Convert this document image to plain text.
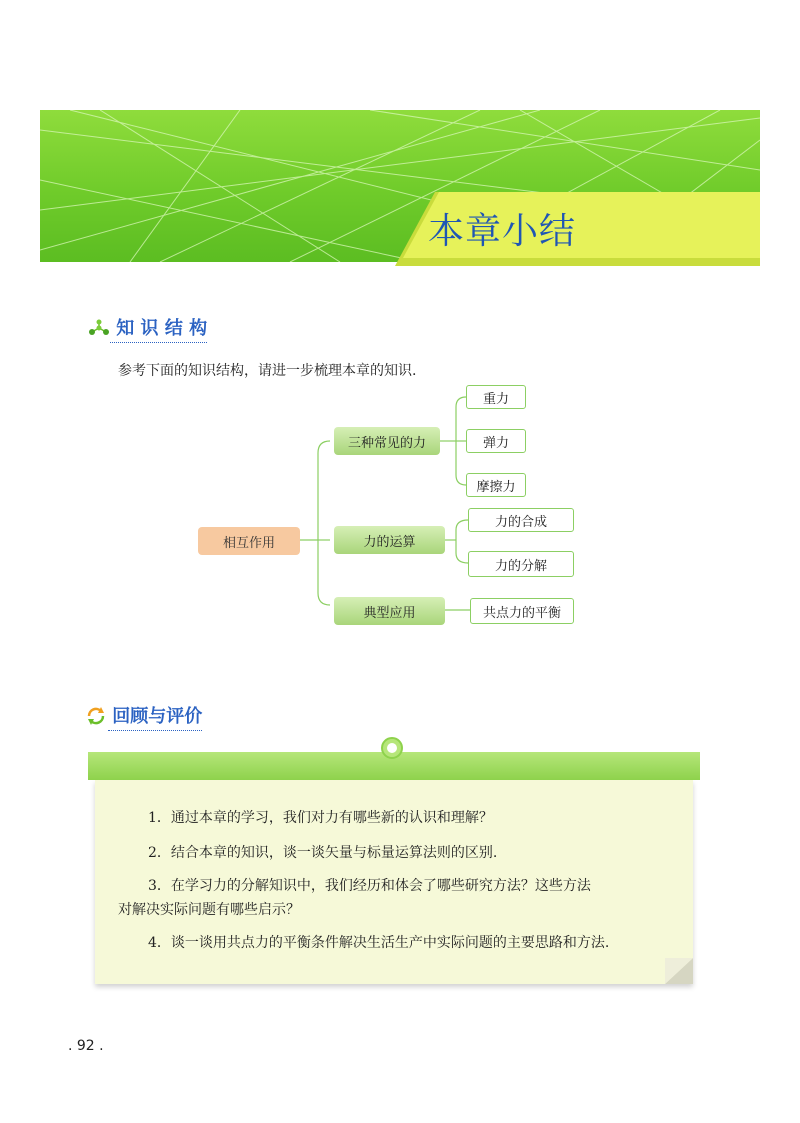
本章小结
知 识 结 构
参考下面的知识结构，请进一步梳理本章的知识.
相互作用
三种常见的力
力的运算
典型应用
重力
弹力
摩擦力
力的合成
力的分解
共点力的平衡
回顾与评价
1．通过本章的学习，我们对力有哪些新的认识和理解？
2．结合本章的知识，谈一谈矢量与标量运算法则的区别.
3．在学习力的分解知识中，我们经历和体会了哪些研究方法？这些方法
对解决实际问题有哪些启示？
4．谈一谈用共点力的平衡条件解决生活生产中实际问题的主要思路和方法.
. 92 .
